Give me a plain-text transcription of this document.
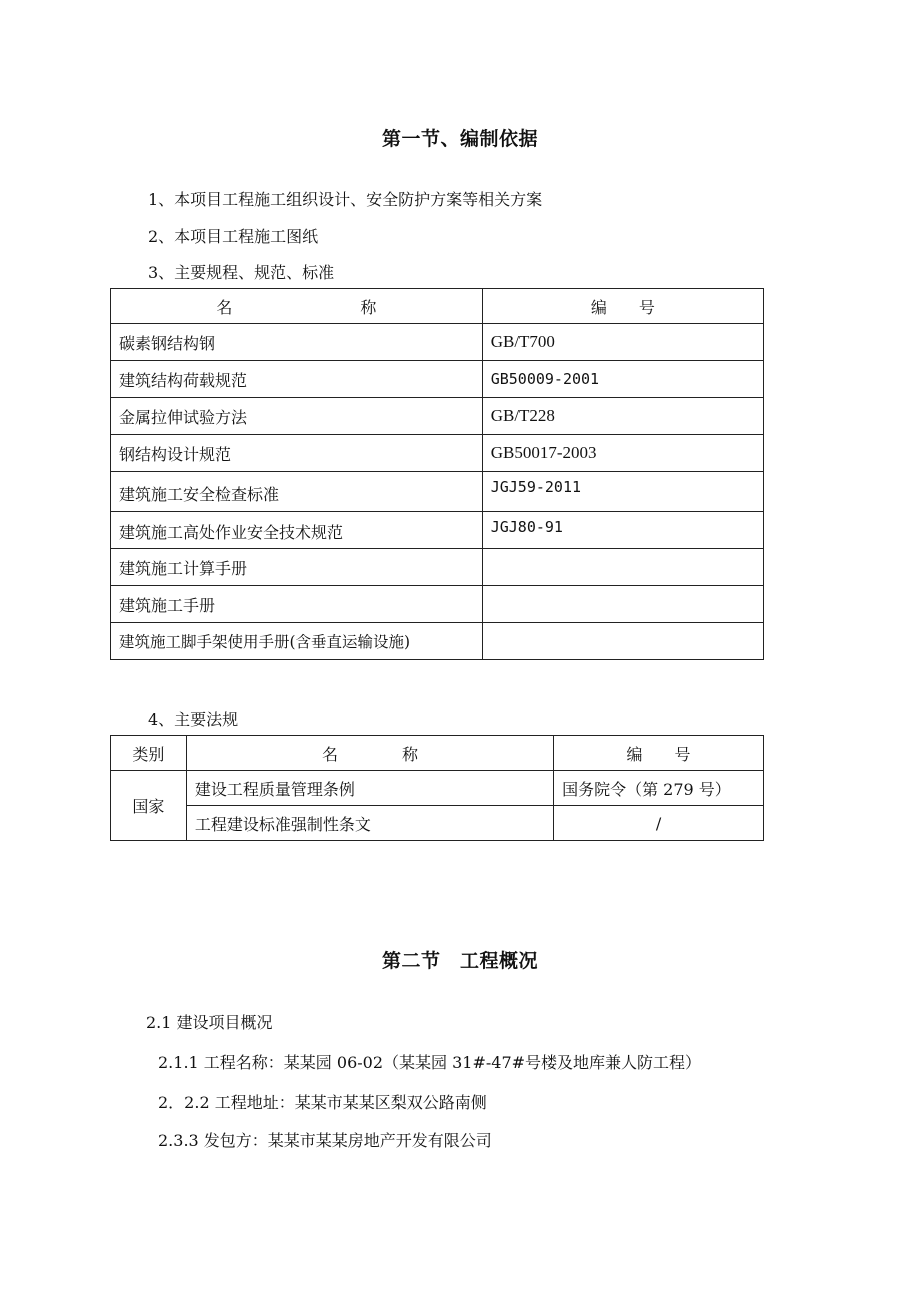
第一节、编制依据
1、本项目工程施工组织设计、安全防护方案等相关方案
2、本项目工程施工图纸
3、主要规程、规范、标准
名　　　　　　　　称	编　　号
碳素钢结构钢	GB/T700
建筑结构荷载规范	GB50009-2001
金属拉伸试验方法	GB/T228
钢结构设计规范	GB50017-2003
建筑施工安全检查标准	JGJ59-2011
建筑施工高处作业安全技术规范	JGJ80-91
建筑施工计算手册	
建筑施工手册	
建筑施工脚手架使用手册(含垂直运输设施)	
4、主要法规
类别	名　　　　称	编　　号
国家	建设工程质量管理条例	国务院令（第 279 号）
	工程建设标准强制性条文	/
第二节　工程概况
2.1 建设项目概况
2.1.1 工程名称：某某园 06-02（某某园 31#-47#号楼及地库兼人防工程）
2．2.2 工程地址：某某市某某区梨双公路南侧
2.3.3 发包方：某某市某某房地产开发有限公司
